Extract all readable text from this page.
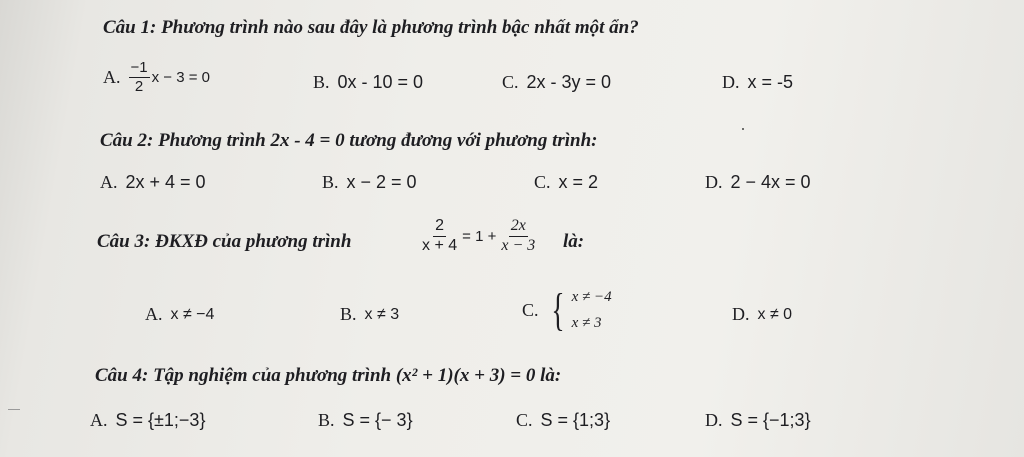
Câu 1: Phương trình nào sau đây là phương trình bậc nhất một ẩn?
A. $\frac{-1}{2}$ x − 3 = 0	B. 0x - 10 = 0	C. 2x - 3y = 0	D. x = -5
Câu 2: Phương trình 2x - 4 = 0 tương đương với phương trình:
A. 2x + 4 = 0	B. x − 2 = 0	C. x = 2	D. 2 − 4x = 0
Câu 3: ĐKXĐ của phương trình	$\frac{2}{x + 4} = 1 + \frac{2x}{x - 3}$ là:
A. x ≠ −4	B. x ≠ 3	C. { x ≠ −4
x ≠ 3	D. x ≠ 0
Câu 4: Tập nghiệm của phương trình (x² + 1)(x + 3) = 0 là:
A. S = {±1;−3}	B. S = {− 3}	C. S = {1;3}	D. S = {−1;3}
